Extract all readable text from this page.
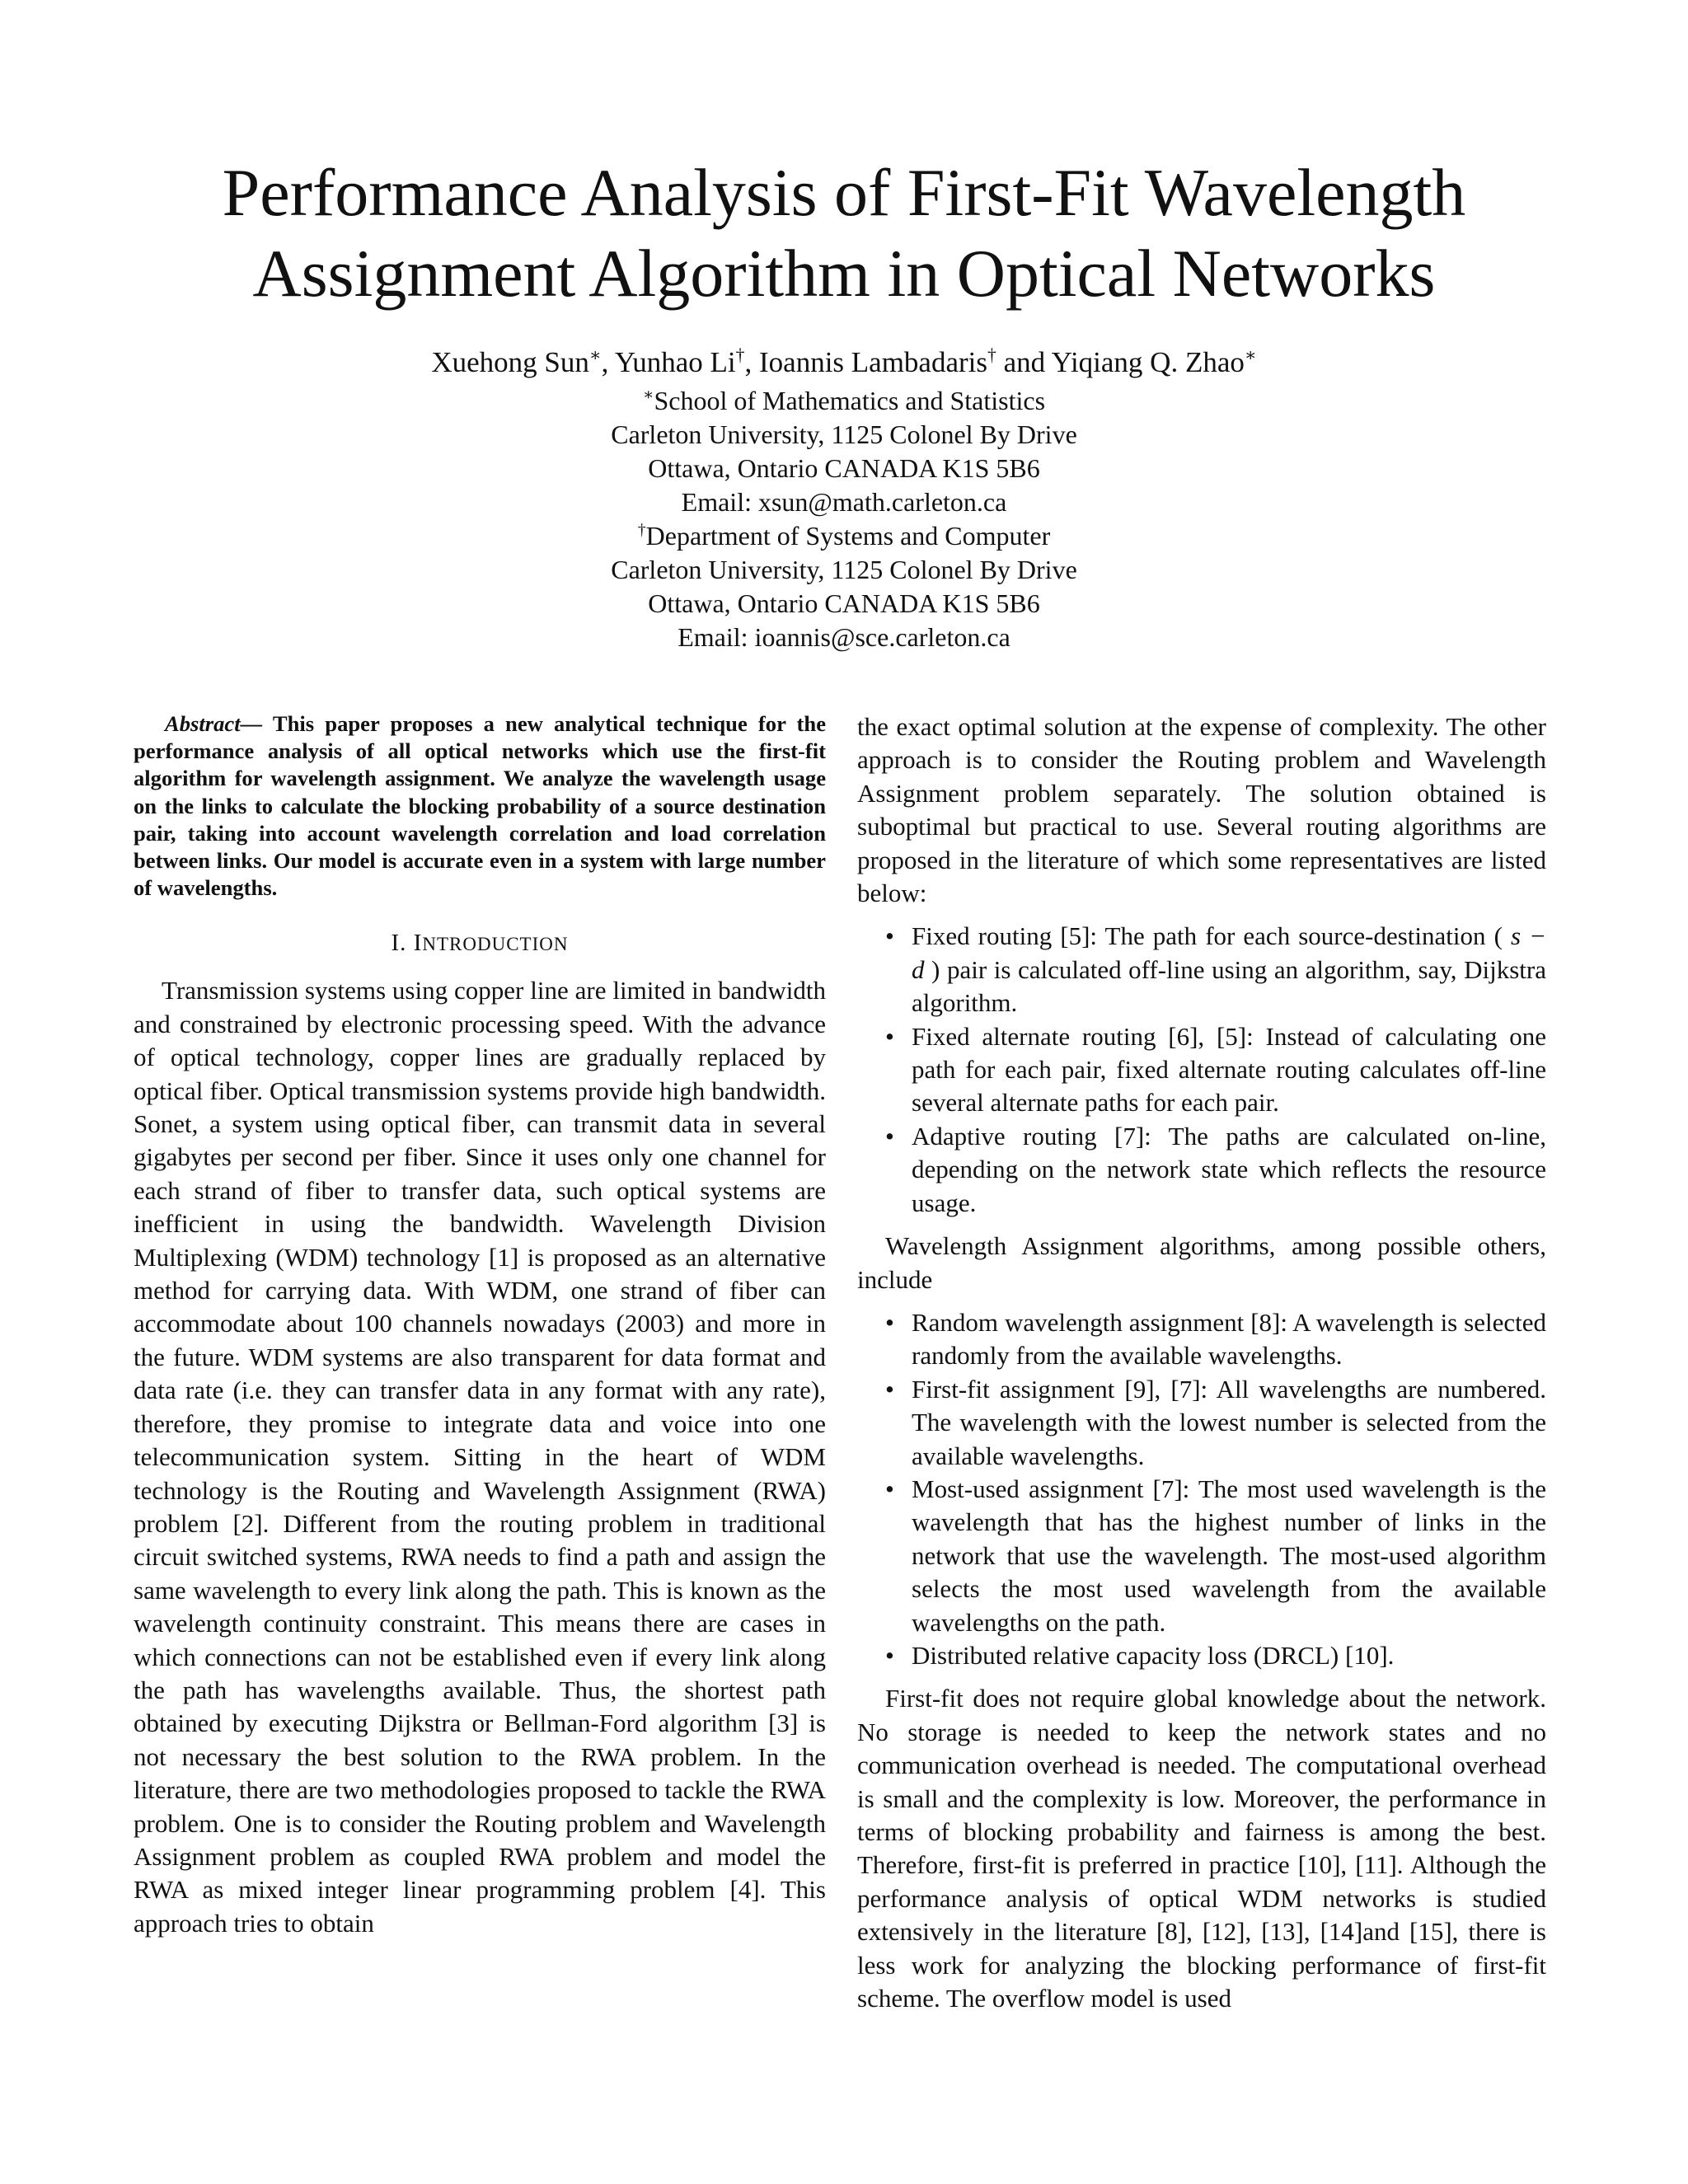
Performance Analysis of First-Fit Wavelength
Assignment Algorithm in Optical Networks
Xuehong Sun∗, Yunhao Li†, Ioannis Lambadaris† and Yiqiang Q. Zhao∗
∗School of Mathematics and Statistics
Carleton University, 1125 Colonel By Drive
Ottawa, Ontario CANADA K1S 5B6
Email: xsun@math.carleton.ca
†Department of Systems and Computer
Carleton University, 1125 Colonel By Drive
Ottawa, Ontario CANADA K1S 5B6
Email: ioannis@sce.carleton.ca

Abstract— This paper proposes a new analytical technique for the performance analysis of all optical networks which use the first-fit algorithm for wavelength assignment. We analyze the wavelength usage on the links to calculate the blocking probability of a source destination pair, taking into account wavelength correlation and load correlation between links. Our model is accurate even in a system with large number of wavelengths.

I. INTRODUCTION

Transmission systems using copper line are limited in bandwidth and constrained by electronic processing speed. With the advance of optical technology, copper lines are gradually replaced by optical fiber. Optical transmission systems provide high bandwidth. Sonet, a system using optical fiber, can transmit data in several gigabytes per second per fiber. Since it uses only one channel for each strand of fiber to transfer data, such optical systems are inefficient in using the bandwidth. Wavelength Division Multiplexing (WDM) technology [1] is proposed as an alternative method for carrying data. With WDM, one strand of fiber can accommodate about 100 channels nowadays (2003) and more in the future. WDM systems are also transparent for data format and data rate (i.e. they can transfer data in any format with any rate), therefore, they promise to integrate data and voice into one telecommunication system. Sitting in the heart of WDM technology is the Routing and Wavelength Assignment (RWA) problem [2]. Different from the routing problem in traditional circuit switched systems, RWA needs to find a path and assign the same wavelength to every link along the path. This is known as the wavelength continuity constraint. This means there are cases in which connections can not be established even if every link along the path has wavelengths available. Thus, the shortest path obtained by executing Dijkstra or Bellman-Ford algorithm [3] is not necessary the best solution to the RWA problem. In the literature, there are two methodologies proposed to tackle the RWA problem. One is to consider the Routing problem and Wavelength Assignment problem as coupled RWA problem and model the RWA as mixed integer linear programming problem [4]. This approach tries to obtain

the exact optimal solution at the expense of complexity. The other approach is to consider the Routing problem and Wavelength Assignment problem separately. The solution obtained is suboptimal but practical to use. Several routing algorithms are proposed in the literature of which some representatives are listed below:

• Fixed routing [5]: The path for each source-destination ( s − d ) pair is calculated off-line using an algorithm, say, Dijkstra algorithm.
• Fixed alternate routing [6], [5]: Instead of calculating one path for each pair, fixed alternate routing calculates off-line several alternate paths for each pair.
• Adaptive routing [7]: The paths are calculated on-line, depending on the network state which reflects the resource usage.

Wavelength Assignment algorithms, among possible others, include

• Random wavelength assignment [8]: A wavelength is selected randomly from the available wavelengths.
• First-fit assignment [9], [7]: All wavelengths are numbered. The wavelength with the lowest number is selected from the available wavelengths.
• Most-used assignment [7]: The most used wavelength is the wavelength that has the highest number of links in the network that use the wavelength. The most-used algorithm selects the most used wavelength from the available wavelengths on the path.
• Distributed relative capacity loss (DRCL) [10].

First-fit does not require global knowledge about the network. No storage is needed to keep the network states and no communication overhead is needed. The computational overhead is small and the complexity is low. Moreover, the performance in terms of blocking probability and fairness is among the best. Therefore, first-fit is preferred in practice [10], [11]. Although the performance analysis of optical WDM networks is studied extensively in the literature [8], [12], [13], [14]and [15], there is less work for analyzing the blocking performance of first-fit scheme. The overflow model is used
